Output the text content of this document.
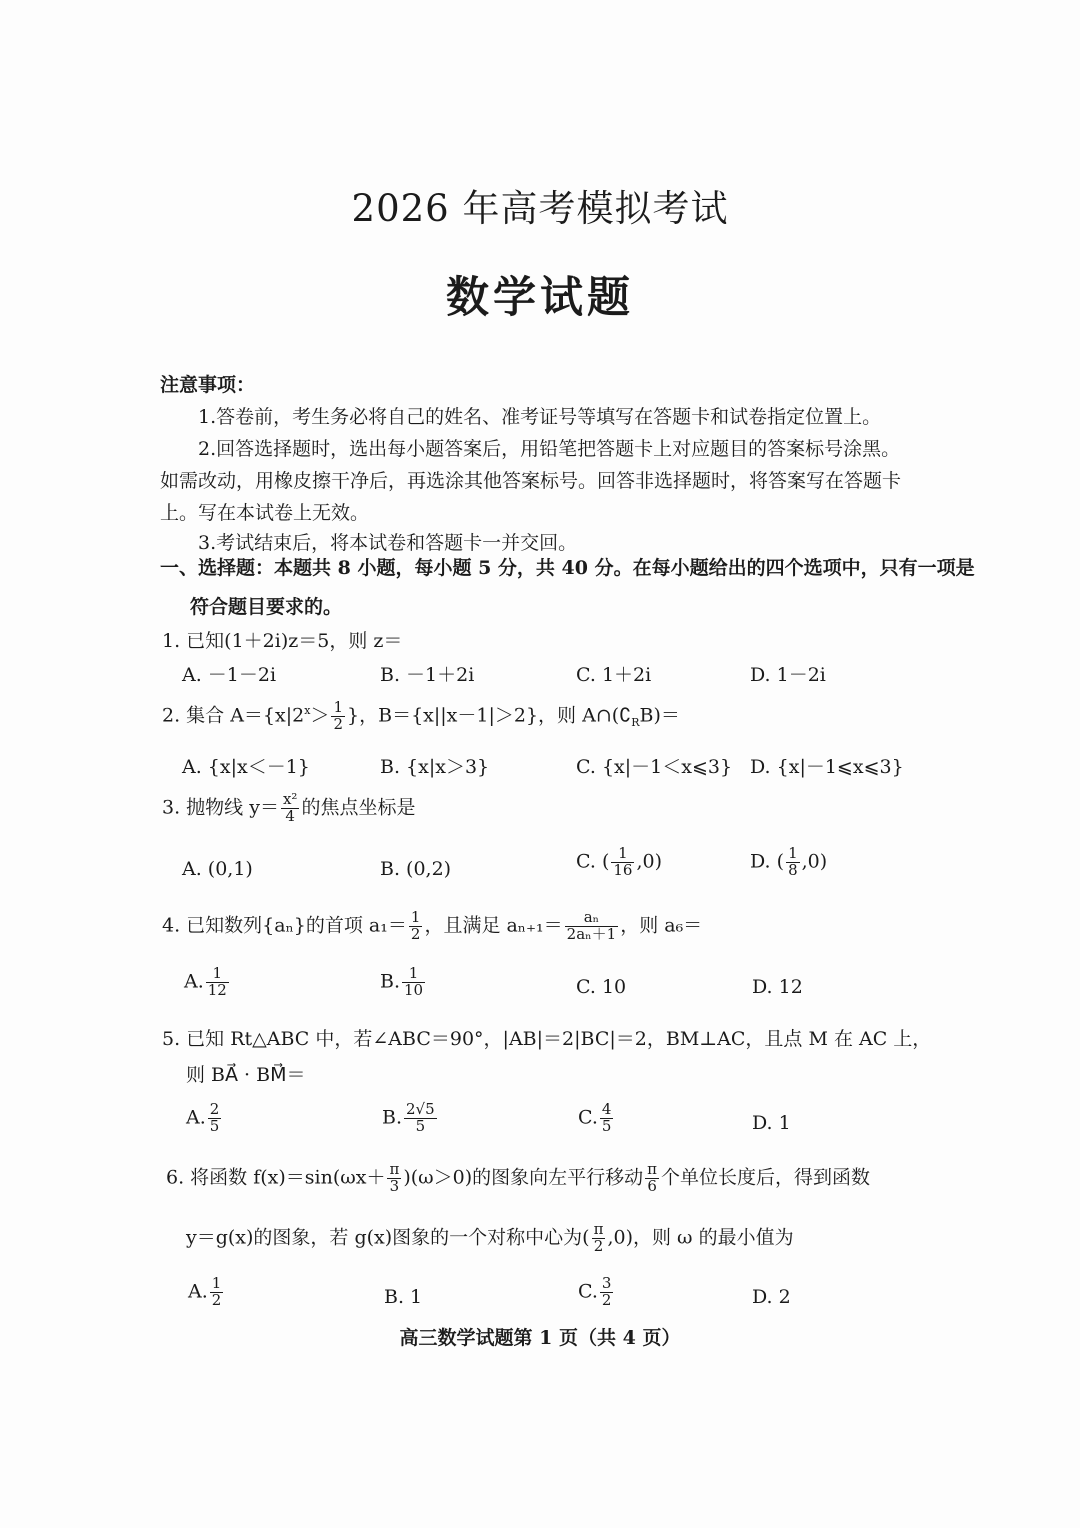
2026 年高考模拟考试
数学试题
注意事项：
1.答卷前，考生务必将自己的姓名、准考证号等填写在答题卡和试卷指定位置上。
2.回答选择题时，选出每小题答案后，用铅笔把答题卡上对应题目的答案标号涂黑。
如需改动，用橡皮擦干净后，再选涂其他答案标号。回答非选择题时，将答案写在答题卡
上。写在本试卷上无效。
3.考试结束后，将本试卷和答题卡一并交回。
一、选择题：本题共 8 小题，每小题 5 分，共 40 分。在每小题给出的四个选项中，只有一项是
符合题目要求的。
1. 已知(1＋2i)z＝5，则 z＝
A. －1－2i	B. －1＋2i	C. 1＋2i	D. 1－2i
2. 集合 $A=\{x|2^x> \frac{1}{2}$ }，B＝{x||x－1|＞2}，则 $A\cap(∁_RB)=$
A. {x|x＜－1}	B. {x|x＞3}	C. {x|－1＜x⩽3} D. {x|－1⩽x⩽3}
3. 抛物线 $y= \frac{\text{x²}}{4}$ 的焦点坐标是
A. (0,1)	B. (0,2)	C. ( $\frac{1}{16} ,0$)	D. ( $\frac{1}{8} ,0$)
4. 已知数列{aₙ}的首项 $a_1= \frac{1}{2}$ ，且满足 $a_{n+1}= \frac{\text{aₙ}}{\text{2aₙ＋1}}$ ，则 a₆＝
A. $\frac{1}{12}$	B. $\frac{1}{10}$	C. 10	D. 12
5. 已知 Rt△ABC 中，若∠ABC＝90°，|AB|＝2|BC|＝2，BM⊥AC，且点 M 在 AC 上，
则 BA⃗ · BM⃗＝
A. $\frac{2}{5}$	B. $\frac{2√5}{5}$	C. $\frac{4}{5}$	D. 1
6. 将函数 $f(x)=\sin(\omega x+ \frac{\pi}{3} )(\omega>0)$的图象向左平行移动 $\frac{\pi}{6}$ 个单位长度后，得到函数
y＝g(x)的图象，若 g(x)图象的一个对称中心为( $\frac{\pi}{2} ,0$)，则 ω 的最小值为
A. $\frac{1}{2}$	B. 1	C. $\frac{3}{2}$	D. 2
高三数学试题第 1 页（共 4 页）
